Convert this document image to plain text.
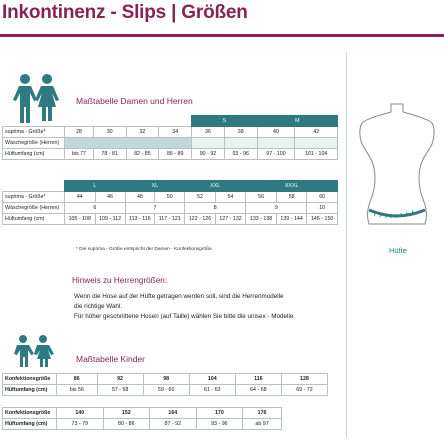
Inkontinenz - Slips | Größen
Maßtabelle Damen und Herren
					S		M	
suprima - Größe*	28	30	32	34	36	38	40	42
Wäschegröße (Herren)								
Hüftumfang (cm)	bis 77	78 - 81	82 - 85	86 - 89	90 - 92	93 - 96	97 - 100	101 - 104
	L		XL		XXL		XXXL		
suprima - Größe*	44	46	48	50	52	54	56	58	60
Wäschegröße (Herren)	6		7		8		9		10
Hüftumfang (cm)	105 - 108	109 - 112	113 - 116	117 - 121	122 - 126	127 - 132	133 - 138	139 - 144	145 - 150
* Die suprima - Größe entspricht der Damen - Konfektionsgröße.
Hinweis zu Herrengrößen:
Wenn die Hose auf der Hüfte getragen werden soll, sind die Herrenmodelle
die richtige Wahl.
Für höher geschnittene Hosen (auf Taille) wählen Sie bitte die unisex - Modelle.
Maßtabelle Kinder
Konfektionsgröße	86	92	98	104	116	128
Hüftumfang (cm)	bis 56	57 - 58	59 - 60	61 - 63	64 - 68	69 - 72
Konfektionsgröße	140	152	164	170	176
Hüftumfang (cm)	73 - 79	80 - 86	87 - 92	93 - 96	ab 97
Hüfte
